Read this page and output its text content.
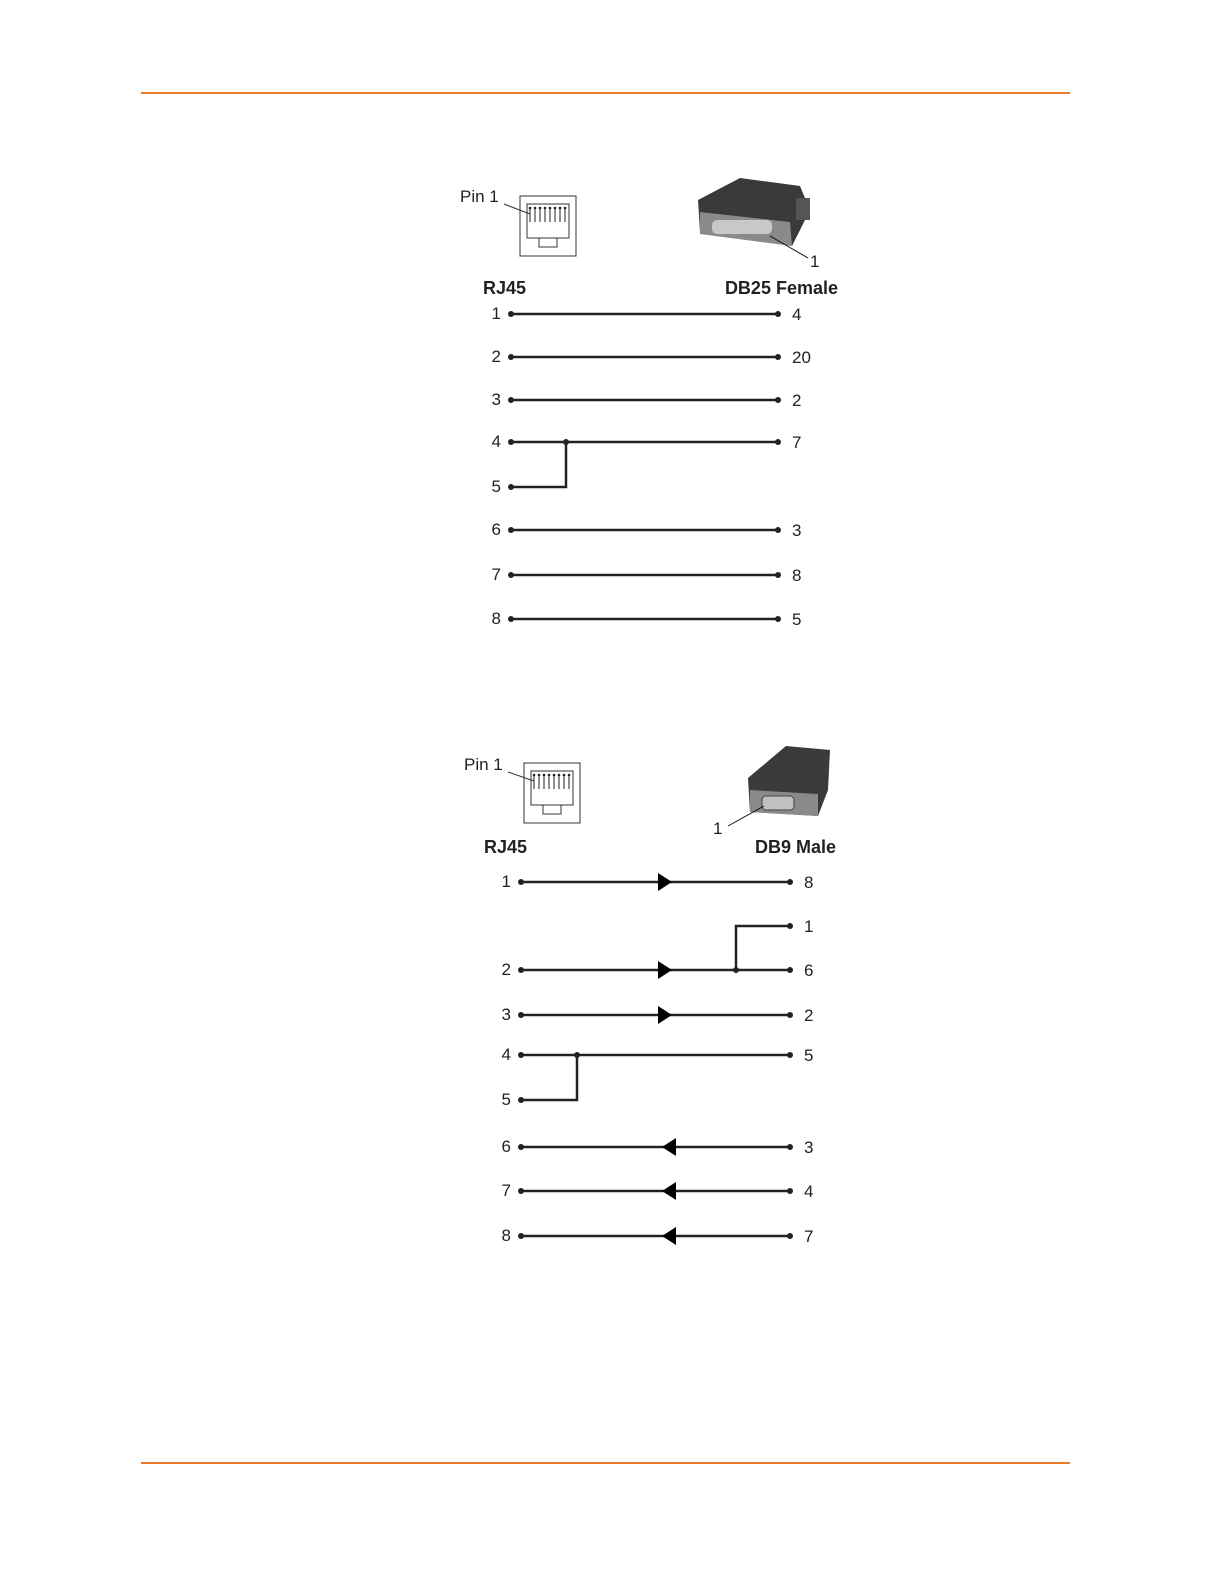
Pin 1
1
RJ45	DB25 Female
1	4
2	20
3	2
4	7
5
6	3
7	8
8	5
Pin 1
1
RJ45	DB9 Male
1	8
1
2	6
3	2
4	5
5
6	3
7	4
8	7
